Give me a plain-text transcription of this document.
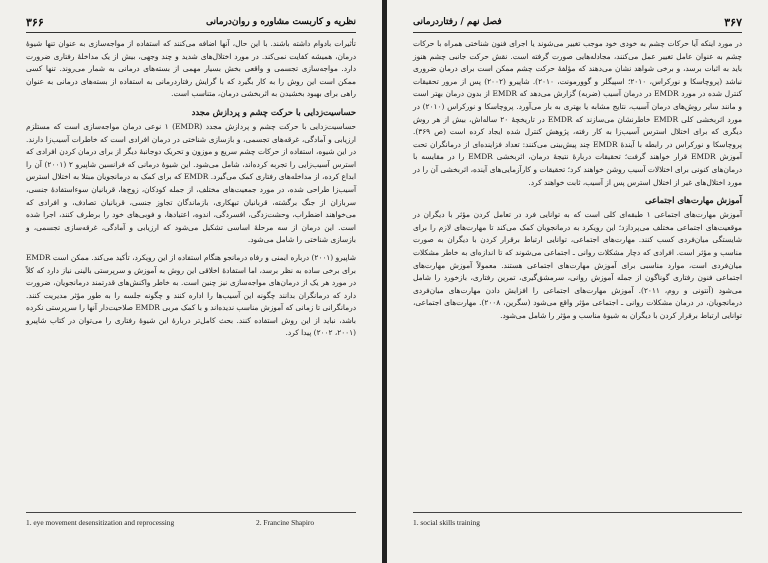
۳۶۶	نظریه و کاربست مشاوره و روان‌درمانی

تأثیرات بادوام داشته باشند. با این حال، آنها اضافه می‌کنند که استفاده از مواجه‌سازی به عنوان تنها شیوهٔ درمان، همیشه کفایت نمی‌کند. در مورد اختلال‌های شدید و چند وجهی، بیش از یک مداخلهٔ رفتاری ضرورت دارد. مواجه‌سازی تجسمی و واقعی بخش بسیار مهمی از بسته‌های درمانی به شمار می‌روند. تنها کسی ممکن است این روش را به کار بگیرد که با گرایش رفتاردرمانی به استفاده از بسته‌های درمانی به عنوان راهی برای بهبود بخشیدن به اثربخشی درمان، متناسب است.

حساسیت‌زدایی با حرکت چشم و پردازش مجدد

حساسیت‌زدایی با حرکت چشم و پردازش مجدد (EMDR) ۱ نوعی درمان مواجه‌سازی است که مستلزم ارزیابی و آمادگی، غرقه‌های تجسمی، و بازسازی شناختی در درمان افرادی است که خاطرات آسیب‌زا دارند. در این شیوه، استفاده از حرکات چشم سریع و موزون و تحریک دوجانبهٔ دیگر از برای درمان کردن افرادی که استرس آسیب‌زایی را تجربه کرده‌اند، شامل می‌شود. این شیوهٔ درمانی که فرانسین شاپیرو ۲ (۲۰۰۱) آن را ابداع کرده، از مداخله‌های رفتاری کمک می‌گیرد. EMDR که برای کمک به درمانجویان مبتلا به اختلال استرس آسیب‌زا طراحی شده، در مورد جمعیت‌های مختلف، از جمله کودکان، زوج‌ها، قربانیان سوءاستفادهٔ جنسی، سربازان از جنگ برگشته، قربانیان تبهکاری، بازماندگان تجاوز جنسی، قربانیان تصادف، و افرادی که می‌خواهند اضطراب، وحشت‌زدگی، افسردگی، اندوه، اعتیادها، و فوبی‌های خود را برطرف کنند، اجرا شده است. این درمان از سه مرحلهٔ اساسی تشکیل می‌شود که ارزیابی و آمادگی، غرقه‌سازی تجسمی، و بازسازی شناختی را شامل می‌شود.

شاپیرو (۲۰۰۱) درباره ایمنی و رفاه درمانجو هنگام استفاده از این رویکرد، تأکید می‌کند. ممکن است EMDR برای برخی ساده به نظر برسد، اما استفادهٔ اخلاقی این روش به آموزش و سرپرستی بالینی نیاز دارد که کلاً در مورد هر یک از درمان‌های مواجه‌سازی نیز چنین است. به خاطر واکنش‌های قدرتمند درمانجویان، ضرورت دارد که درمانگران بدانند چگونه این آسیب‌ها را اداره کنند و چگونه جلسه را به طور مؤثر مدیریت کنند. درمانگرانی تا زمانی که آموزش مناسب ندیده‌اند و با کمک مربی EMDR صلاحیت‌دار آنها را سرپرستی نکرده باشد، نباید از این روش استفاده کنند. بحث کامل‌تر دربارهٔ این شیوهٔ رفتاری را می‌توان در کتاب شاپیرو (۲۰۰۱، ۲۰۰۲) پیدا کرد.

1. eye movement desensitization and reprocessing	2. Francine Shapiro
۳۶۷
فصل نهم / رفتاردرمانی

در مورد اینکه آیا حرکات چشم به خودی خود موجب تغییر می‌شوند یا اجرای فنون شناختی همراه با حرکات چشم به عنوان عامل تغییر عمل می‌کنند، مجادله‌هایی صورت گرفته است. نقش حرکت جانبی چشم هنوز باید به اثبات برسد، و برخی شواهد نشان می‌دهند که مؤلفهٔ حرکت چشم ممکن است برای درمان ضروری نباشد (پروچاسکا و نورکراس، ۲۰۱۰؛ اسپیگلر و گوورمونت، ۲۰۱۰). شاپیرو (۲۰۰۲) پس از مرور تحقیقات کنترل شده در مورد EMDR در درمان آسیب (ضربه) گزارش می‌دهد که EMDR از بدون درمان بهتر است و مانند سایر روش‌های درمان آسیب، نتایج مشابه یا بهتری به بار می‌آورد. پروچاسکا و نورکراس (۲۰۱۰) در مورد اثربخشی کلی EMDR خاطرنشان می‌سازند که EMDR در تاریخچهٔ ۲۰ ساله‌اش، بیش از هر روش دیگری که برای اختلال استرس آسیب‌زا به کار رفته، پژوهش کنترل شده ایجاد کرده است (ص ۳۶۹). پروچاسکا و نورکراس در رابطه با آیندهٔ EMDR چند پیش‌بینی می‌کنند: تعداد فزاینده‌ای از درمانگران تحت آموزش EMDR قرار خواهند گرفت؛ تحقیقات دربارهٔ نتیجهٔ درمان، اثربخشی EMDR را در مقایسه با درمان‌های کنونی برای اختلالات آسیب روشن خواهند کرد؛ تحقیقات و کارآزمایی‌های آینده، اثربخشی آن را در مورد اختلال‌های غیر از اختلال استرس پس از آسیب، ثابت خواهند کرد.

آموزش مهارت‌های اجتماعی

آموزش مهارت‌های اجتماعی ۱ طبقه‌ای کلی است که به توانایی فرد در تعامل کردن مؤثر با دیگران در موقعیت‌های اجتماعی مختلف می‌پردازد؛ این رویکرد به درمانجویان کمک می‌کند تا مهارت‌های لازم را برای شایستگی میان‌فردی کسب کنند. مهارت‌های اجتماعی، توانایی ارتباط برقرار کردن با دیگران به صورت مناسب و مؤثر است. افرادی که دچار مشکلات روانی ـ اجتماعی می‌شوند که تا اندازه‌ای به خاطر مشکلات میان‌فردی است، موارد مناسبی برای آموزش مهارت‌های اجتماعی هستند. معمولاً آموزش مهارت‌های اجتماعی فنون رفتاری گوناگون از جمله آموزش روانی، سرمشق‌گیری، تمرین رفتاری، بازخورد را شامل می‌شود (آنتونی و روم، ۲۰۱۱). آموزش مهارت‌های اجتماعی را افزایش دادن مهارت‌های میان‌فردی درمانجویان، در درمان مشکلات روانی ـ اجتماعی مؤثر واقع می‌شود (سگرین، ۲۰۰۸). مهارت‌های اجتماعی، توانایی ارتباط برقرار کردن با دیگران به شیوهٔ مناسب و مؤثر را شامل می‌شود.

1. social skills training
